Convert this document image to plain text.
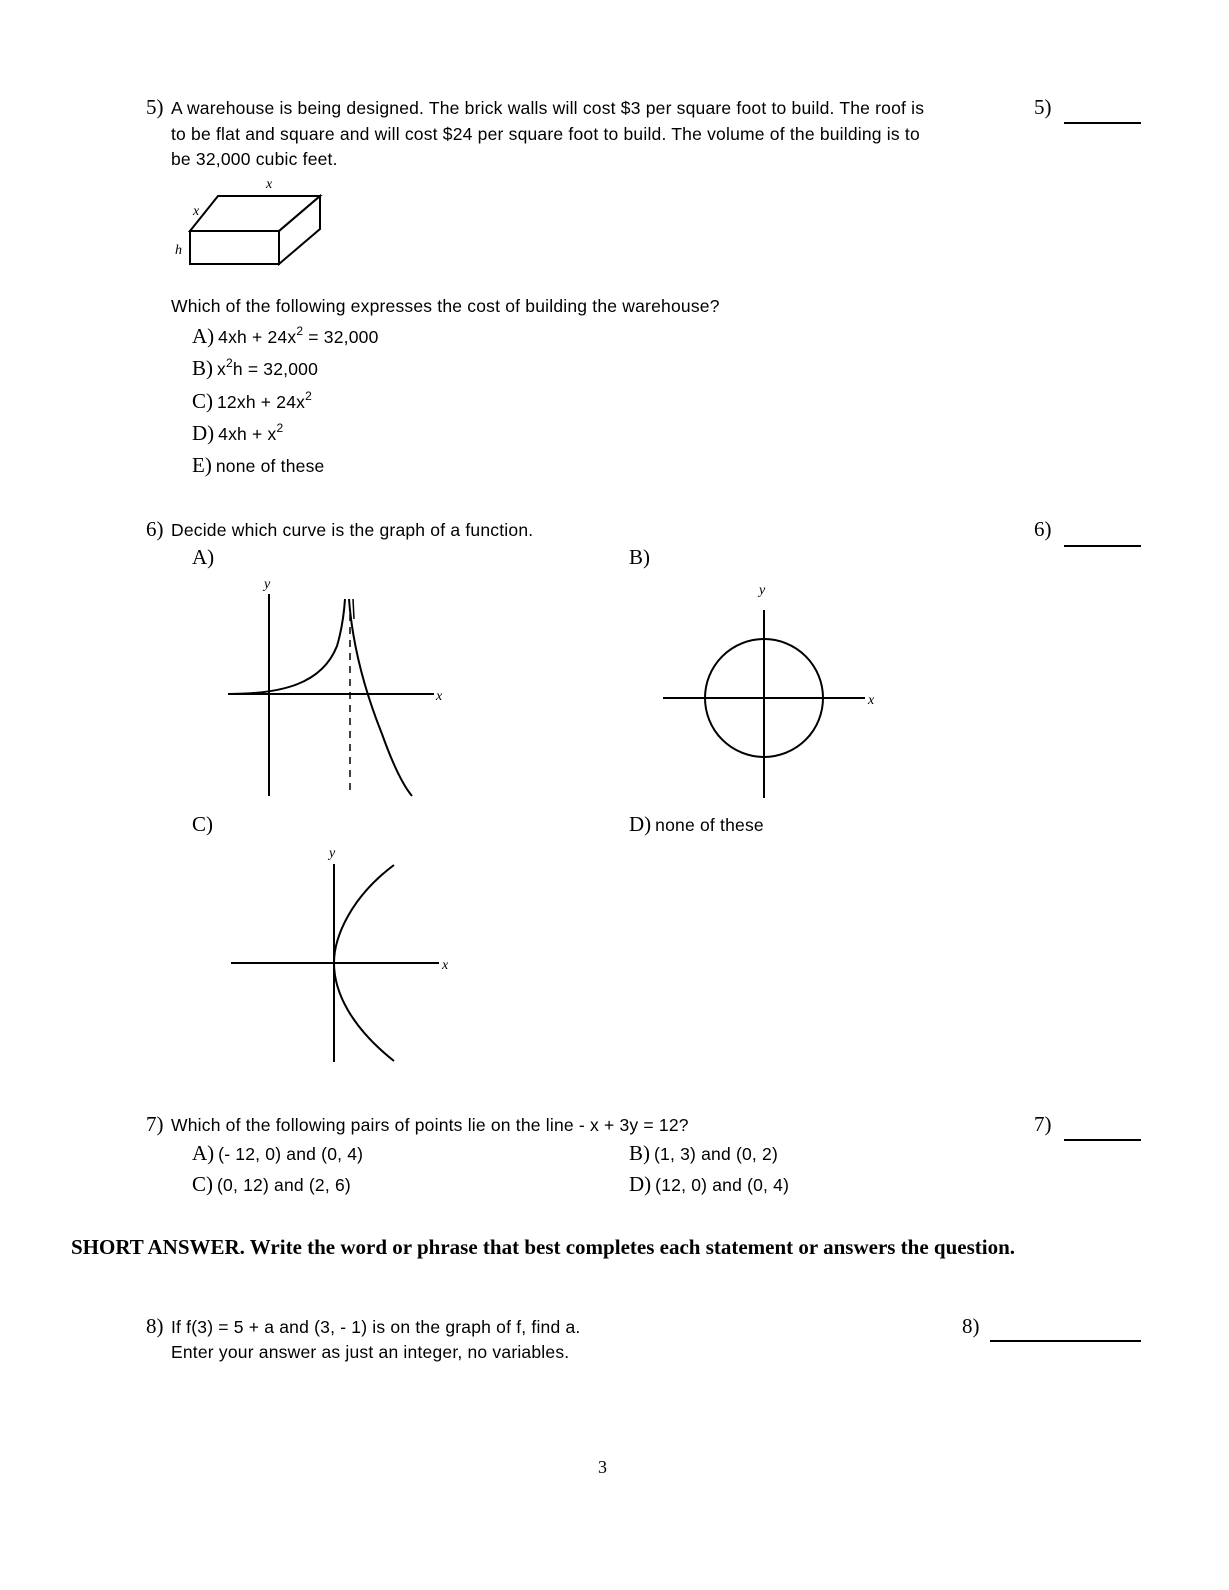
5) A warehouse is being designed. The brick walls will cost $3 per square foot to build. The roof is
to be flat and square and will cost $24 per square foot to build. The volume of the building is to
be 32,000 cubic feet.
x
x
h
Which of the following expresses the cost of building the warehouse?
A) $4xh + 24x^2 = 32,000$
B) $x^2h = 32,000$
C) $12xh + 24x^2$
D) $4xh + x^2$
E) none of these
5)
6) Decide which curve is the graph of a function.
A)	B)
C)	D) none of these
y
x
y
x
y
x
6)
7) Which of the following pairs of points lie on the line - x + 3y = 12?
A) (- 12, 0) and (0, 4)	B) (1, 3) and (0, 2)
C) (0, 12) and (2, 6)	D) (12, 0) and (0, 4)
7)
SHORT ANSWER. Write the word or phrase that best completes each statement or answers the question.
8) If f(3) = 5 + a and (3, - 1) is on the graph of f, find a.
Enter your answer as just an integer, no variables.
8)
3
